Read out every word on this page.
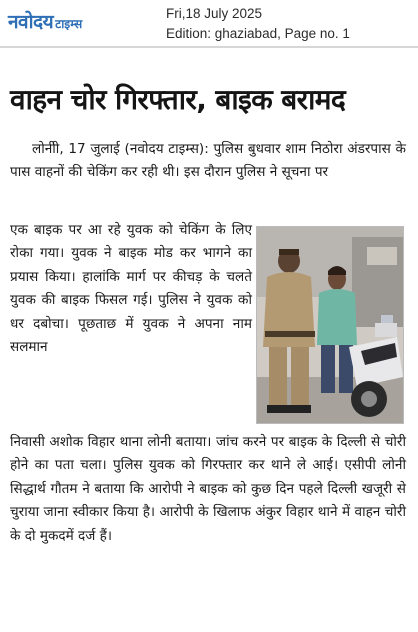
नवोदय टाइम्स
Fri,18 July 2025
Edition: ghaziabad, Page no. 1
वाहन चोर गिरफ्तार, बाइक बरामद
लोनीी, 17 जुलाई (नवोदय टाइम्स): पुलिस बुधवार शाम निठोरा अंडरपास के पास वाहनों की चेकिंग कर रही थी। इस दौरान पुलिस ने सूचना पर
एक बाइक पर आ रहे युवक को चेकिंग के लिए रोका गया। युवक ने बाइक मोड कर भागने का प्रयास किया। हालांकि मार्ग पर कीचड़ के चलते युवक की बाइक फिसल गई। पुलिस ने युवक को धर दबोचा। पूछताछ में युवक ने अपना नाम सलमान
निवासी अशोक विहार थाना लोनी बताया। जांच करने पर बाइक के दिल्ली से चोरी होने का पता चला। पुलिस युवक को गिरफ्तार कर थाने ले आई। एसीपी लोनी सिद्धार्थ गौतम ने बताया कि आरोपी ने बाइक को कुछ दिन पहले दिल्ली खजूरी से चुराया जाना स्वीकार किया है। आरोपी के खिलाफ अंकुर विहार थाने में वाहन चोरी के दो मुकदमें दर्ज हैं।
